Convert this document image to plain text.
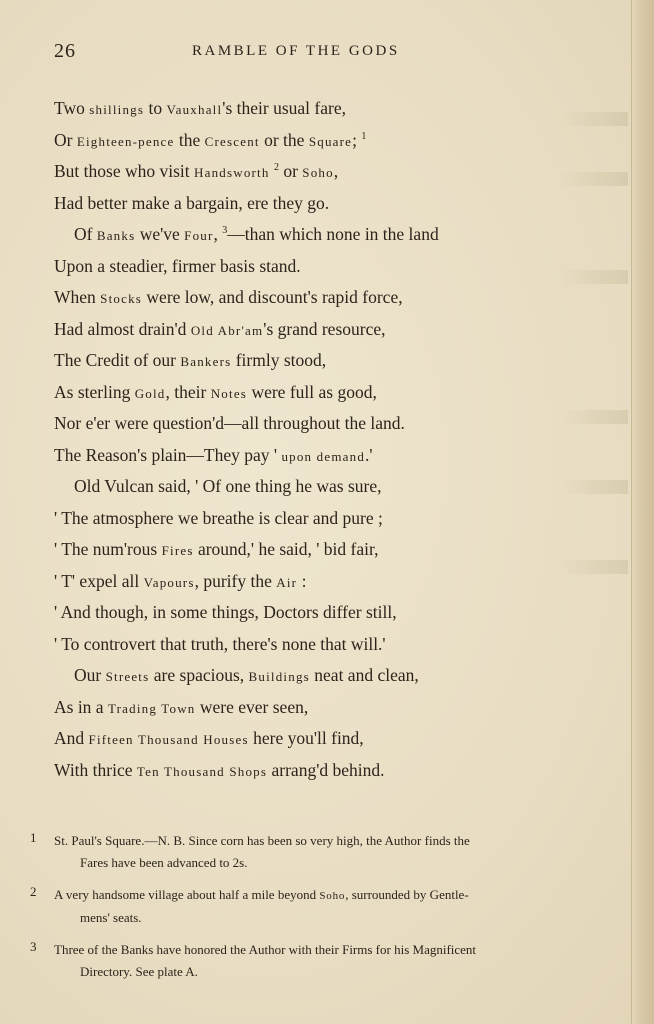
26	RAMBLE OF THE GODS
Two shillings to Vauxhall's their usual fare,
Or Eighteen-pence the Crescent or the Square; $^1$
But those who visit Handsworth $^2$ or Soho,
Had better make a bargain, ere they go.
Of Banks we've Four, $^3$—than which none in the land
Upon a steadier, firmer basis stand.
When Stocks were low, and discount's rapid force,
Had almost drain'd Old Abr'am's grand resource,
The Credit of our Bankers firmly stood,
As sterling Gold, their Notes were full as good,
Nor e'er were question'd—all throughout the land.
The Reason's plain—They pay ' upon demand.'
Old Vulcan said, ' Of one thing he was sure,
' The atmosphere we breathe is clear and pure ;
' The num'rous Fires around,' he said, ' bid fair,
' T' expel all Vapours, purify the Air :
' And though, in some things, Doctors differ still,
' To controvert that truth, there's none that will.'
Our Streets are spacious, Buildings neat and clean,
As in a Trading Town were ever seen,
And Fifteen Thousand Houses here you'll find,
With thrice Ten Thousand Shops arrang'd behind.
1	St. Paul's Square.—N. B. Since corn has been so very high, the Author finds the
Fares have been advanced to 2s.
2	A very handsome village about half a mile beyond Soho, surrounded by Gentle-
mens' seats.
3	Three of the Banks have honored the Author with their Firms for his Magnificent
Directory. See plate A.
